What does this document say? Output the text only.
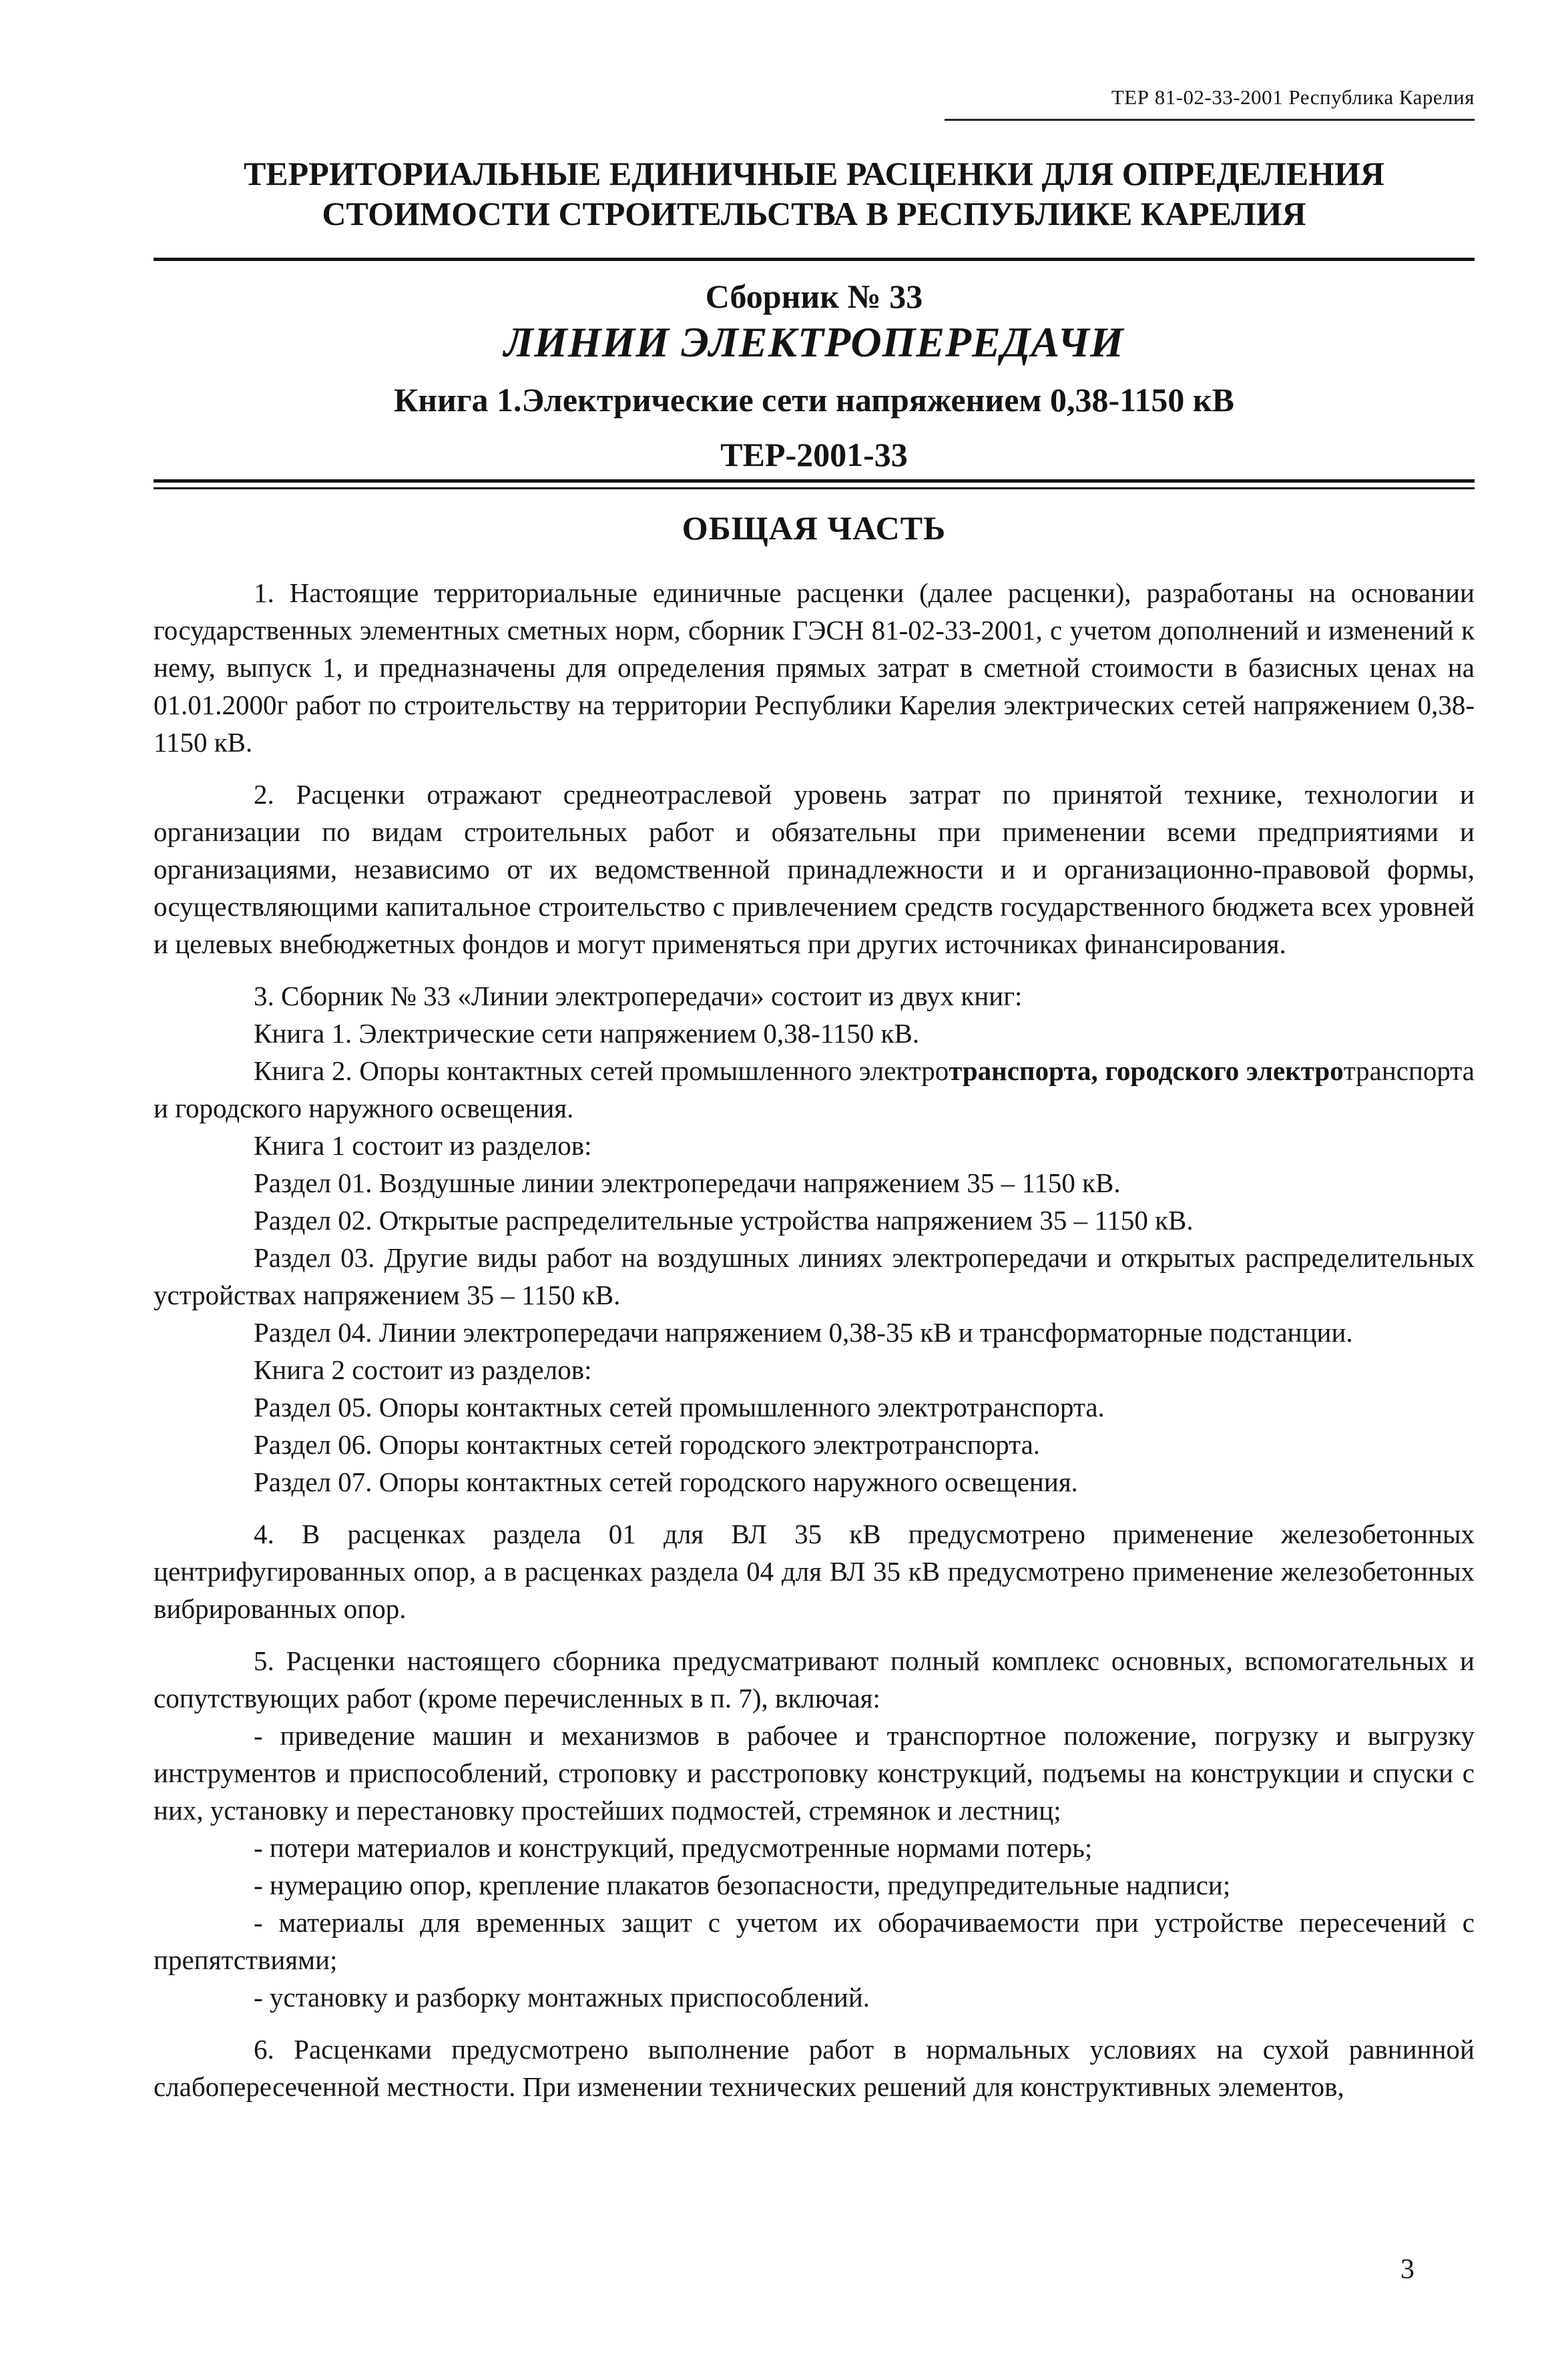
ТЕР 81-02-33-2001 Республика Карелия
ТЕРРИТОРИАЛЬНЫЕ ЕДИНИЧНЫЕ РАСЦЕНКИ ДЛЯ ОПРЕДЕЛЕНИЯ
СТОИМОСТИ СТРОИТЕЛЬСТВА В РЕСПУБЛИКЕ КАРЕЛИЯ
Сборник № 33
ЛИНИИ ЭЛЕКТРОПЕРЕДАЧИ
Книга 1.Электрические сети напряжением 0,38-1150 кВ
ТЕР-2001-33
ОБЩАЯ ЧАСТЬ

1. Настоящие территориальные единичные расценки (далее расценки), разработаны на основании государственных элементных сметных норм, сборник ГЭСН 81-02-33-2001, с учетом дополнений и изменений к нему, выпуск 1, и предназначены для определения прямых затрат в сметной стоимости в базисных ценах на 01.01.2000г работ по строительству на территории Республики Карелия электрических сетей напряжением 0,38-1150 кВ.

2. Расценки отражают среднеотраслевой уровень затрат по принятой технике, технологии и организации по видам строительных работ и обязательны при применении всеми предприятиями и организациями, независимо от их ведомственной принадлежности и и организационно-правовой формы, осуществляющими капитальное строительство с привлечением средств государственного бюджета всех уровней и целевых внебюджетных фондов и могут применяться при других источниках финансирования.

3. Сборник № 33 «Линии электропередачи» состоит из двух книг:

Книга 1. Электрические сети напряжением 0,38-1150 кВ.

Книга 2. Опоры контактных сетей промышленного электротранспорта, городского электротранспорта и городского наружного освещения.

Книга 1 состоит из разделов:

Раздел 01. Воздушные линии электропередачи напряжением 35 – 1150 кВ.

Раздел 02. Открытые распределительные устройства напряжением 35 – 1150 кВ.

Раздел 03. Другие виды работ на воздушных линиях электропередачи и открытых распределительных устройствах напряжением 35 – 1150 кВ.

Раздел 04. Линии электропередачи напряжением 0,38-35 кВ и трансформаторные подстанции.

Книга 2 состоит из разделов:

Раздел 05. Опоры контактных сетей промышленного электротранспорта.

Раздел 06. Опоры контактных сетей городского электротранспорта.

Раздел 07. Опоры контактных сетей городского наружного освещения.

4. В расценках раздела 01 для ВЛ 35 кВ предусмотрено применение железобетонных центрифугированных опор, а в расценках раздела 04 для ВЛ 35 кВ предусмотрено применение железобетонных вибрированных опор.

5. Расценки настоящего сборника предусматривают полный комплекс основных, вспомогательных и сопутствующих работ (кроме перечисленных в п. 7), включая:

- приведение машин и механизмов в рабочее и транспортное положение, погрузку и выгрузку инструментов и приспособлений, строповку и расстроповку конструкций, подъемы на конструкции и спуски с них, установку и перестановку простейших подмостей, стремянок и лестниц;

- потери материалов и конструкций, предусмотренные нормами потерь;

- нумерацию опор, крепление плакатов безопасности, предупредительные надписи;

- материалы для временных защит с учетом их оборачиваемости при устройстве пересечений с препятствиями;

- установку и разборку монтажных приспособлений.

6. Расценками предусмотрено выполнение работ в нормальных условиях на сухой равнинной слабопересеченной местности. При изменении технических решений для конструктивных элементов,

3
